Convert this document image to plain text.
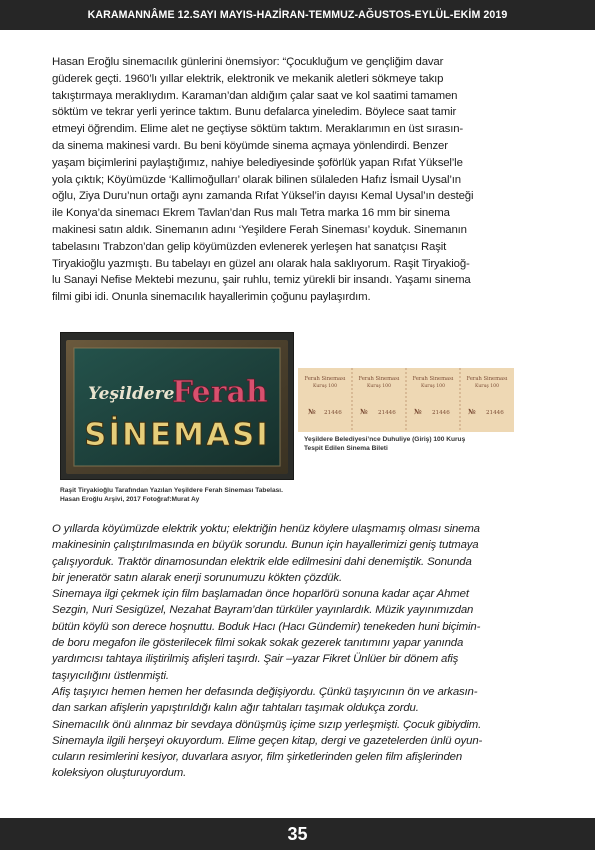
KARAMANNÂME 12.SAYI MAYIS-HAZİRAN-TEMMUZ-AĞUSTOS-EYLÜL-EKİM 2019
Hasan Eroğlu sinemacılık günlerini önemsiyor: “Çocukluğum ve gençliğim davar
güderek geçti. 1960’lı yıllar elektrik, elektronik ve mekanik aletleri sökmeye takıp
takıştırmaya meraklıydım. Karaman’dan aldığım çalar saat ve kol saatimi tamamen
söktüm ve tekrar yerli yerince taktım. Bunu defalarca yineledim. Böylece saat tamir
etmeyi öğrendim. Elime alet ne geçtiyse söktüm taktım. Meraklarımın en üst sırasın-
da sinema makinesi vardı. Bu beni köyümde sinema açmaya yönlendirdi. Benzer
yaşam biçimlerini paylaştığımız, nahiye belediyesinde şoförlük yapan Rıfat Yüksel’le
yola çıktık; Köyümüzde ‘Kallimoğulları’ olarak bilinen sülaleden Hafız İsmail Uysal’ın
oğlu, Ziya Duru’nun ortağı aynı zamanda Rıfat Yüksel’in dayısı Kemal Uysal’ın desteği
ile Konya’da sinemacı Ekrem Tavlan’dan Rus malı Tetra marka 16 mm bir sinema
makinesi satın aldık. Sinemanın adını ‘Yeşildere Ferah Sineması’ koyduk. Sinemanın
tabelasını Trabzon’dan gelip köyümüzden evlenerek yerleşen hat sanatçısı Raşit
Tiryakioğlu yazmıştı. Bu tabelayı en güzel anı olarak hala saklıyorum. Raşit Tiryakioğ-
lu Sanayi Nefise Mektebi mezunu, şair ruhlu, temiz yürekli bir insandı. Yaşamı sinema
filmi gibi idi. Onunla sinemacılık hayallerimin çoğunu paylaşırdım.
Yeşildere
Ferah
SİNEMASI
Raşit Tiryakioğlu Tarafından Yazılan Yeşildere Ferah Sineması Tabelası.
Hasan Eroğlu Arşivi, 2017 Fotoğraf:Murat Ay
Ferah Sineması
Kuruş 100
№ 21446
Ferah Sineması
Kuruş 100
№ 21446
Ferah Sineması
Kuruş 100
№ 21446
Ferah Sineması
Kuruş 100
№ 21446
Yeşildere Belediyesi’nce Duhuliye (Giriş) 100 Kuruş
Tespit Edilen Sinema Bileti
O yıllarda köyümüzde elektrik yoktu; elektriğin henüz köylere ulaşmamış olması sinema
makinesinin çalıştırılmasında en büyük sorundu. Bunun için hayallerimizi geniş tutmaya
çalışıyorduk. Traktör dinamosundan elektrik elde edilmesini dahi denemiştik. Sonunda
bir jeneratör satın alarak enerji sorunumuzu kökten çözdük.
Sinemaya ilgi çekmek için film başlamadan önce hoparlörü sonuna kadar açar Ahmet
Sezgin, Nuri Sesigüzel, Nezahat Bayram’dan türküler yayınlardık. Müzik yayınımızdan
bütün köylü son derece hoşnuttu. Boduk Hacı (Hacı Gündemir) tenekeden huni biçimin-
de boru megafon ile gösterilecek filmi sokak sokak gezerek tanıtımını yapar yanında
yardımcısı tahtaya iliştirilmiş afişleri taşırdı. Şair –yazar Fikret Ünlüer bir dönem afiş
taşıyıcılığını üstlenmişti.
Afiş taşıyıcı hemen hemen her defasında değişiyordu. Çünkü taşıyıcının ön ve arkasın-
dan sarkan afişlerin yapıştırıldığı kalın ağır tahtaları taşımak oldukça zordu.
Sinemacılık önü alınmaz bir sevdaya dönüşmüş içime sızıp yerleşmişti. Çocuk gibiydim.
Sinemayla ilgili herşeyi okuyordum. Elime geçen kitap, dergi ve gazetelerden ünlü oyun-
cuların resimlerini kesiyor, duvarlara asıyor, film şirketlerinden gelen film afişlerinden
koleksiyon oluşturuyordum.
35
